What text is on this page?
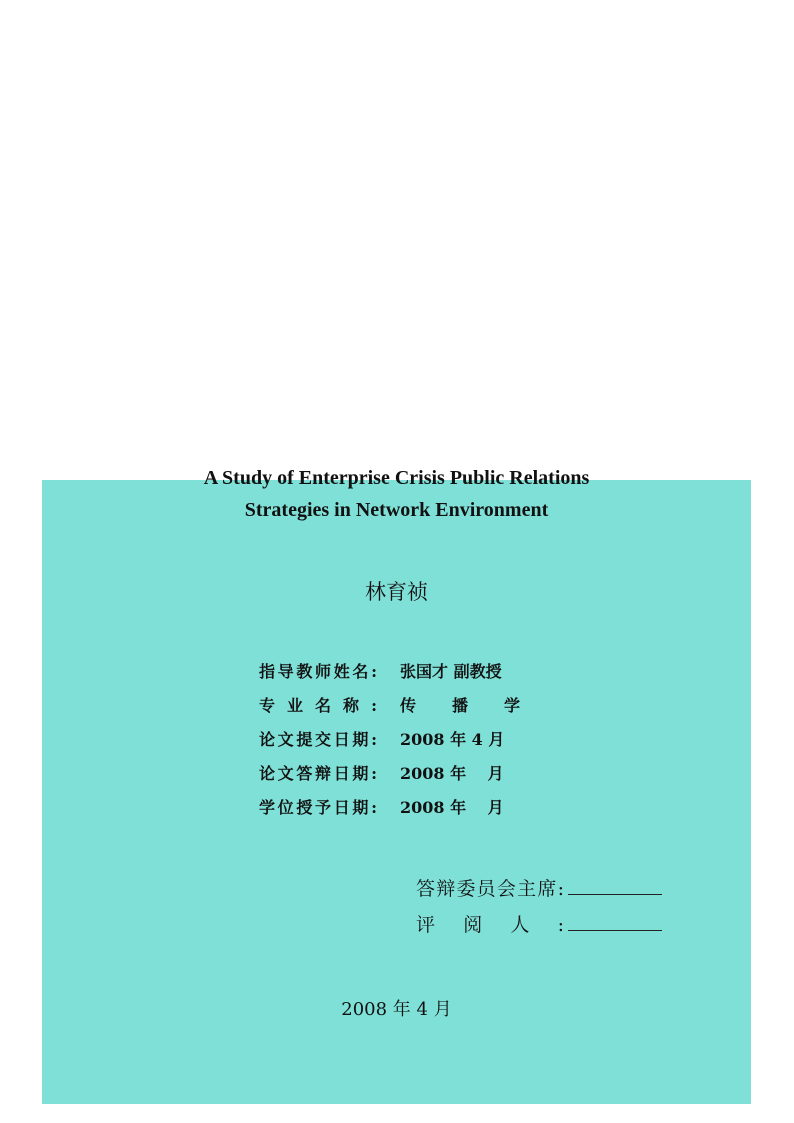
A Study of Enterprise Crisis Public Relations
Strategies in Network Environment
林育祯
指导教师姓名: 张国才 副教授
专业名称: 传 播 学
论文提交日期: 2008 年 4 月
论文答辩日期: 2008 年 　月
学位授予日期: 2008 年 　月
答辩委员会主席:
评阅人:
2008 年 4 月
